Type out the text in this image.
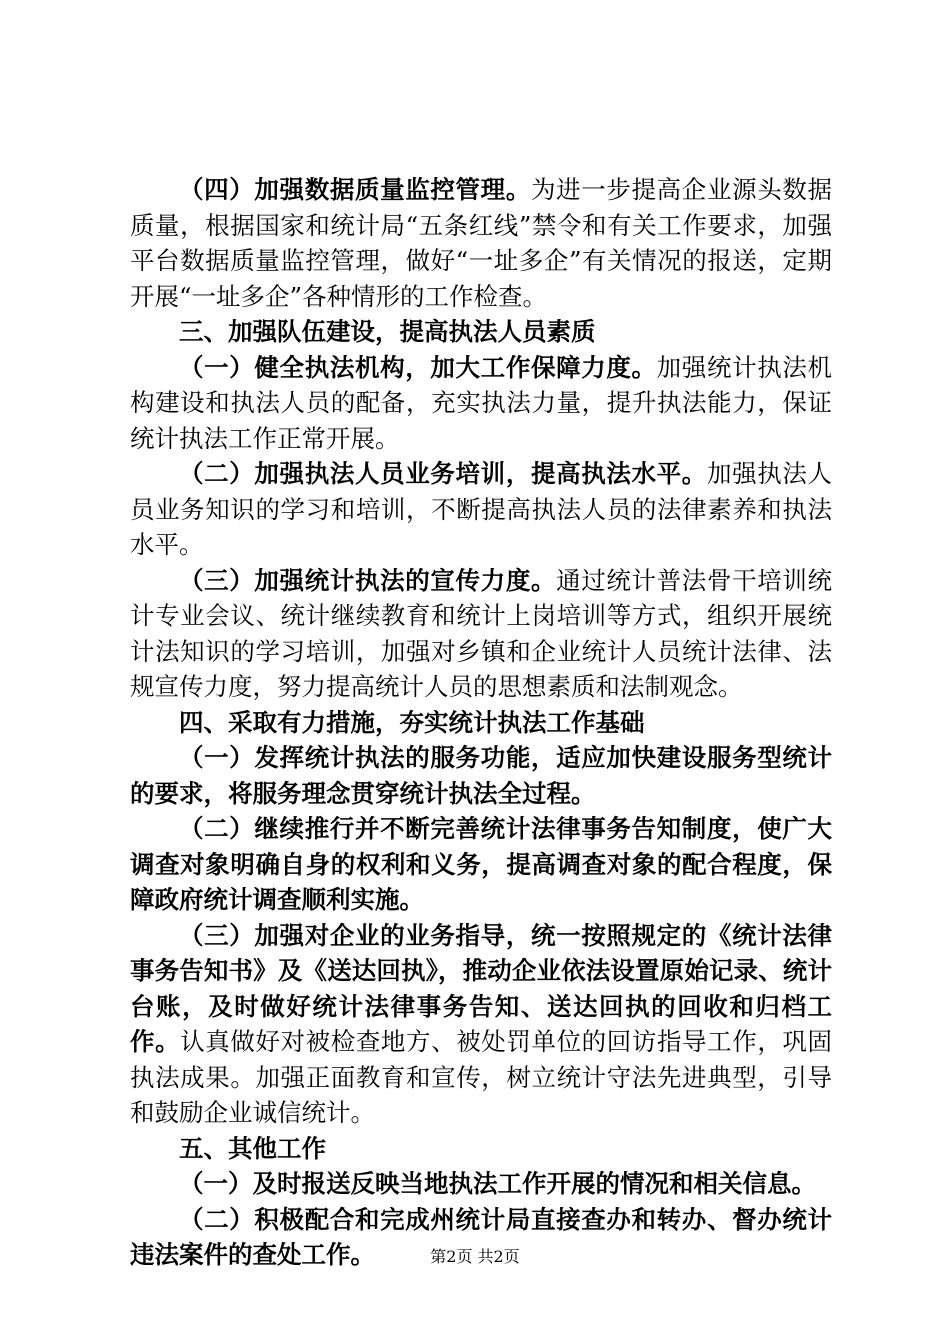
（四）加强数据质量监控管理。为进一步提高企业源头数据质量，根据国家和统计局“五条红线”禁令和有关工作要求，加强平台数据质量监控管理，做好“一址多企”有关情况的报送，定期开展“一址多企”各种情形的工作检查。

三、加强队伍建设，提高执法人员素质

（一）健全执法机构，加大工作保障力度。加强统计执法机构建设和执法人员的配备，充实执法力量，提升执法能力，保证统计执法工作正常开展。

（二）加强执法人员业务培训，提高执法水平。加强执法人员业务知识的学习和培训，不断提高执法人员的法律素养和执法水平。

（三）加强统计执法的宣传力度。通过统计普法骨干培训统计专业会议、统计继续教育和统计上岗培训等方式，组织开展统计法知识的学习培训，加强对乡镇和企业统计人员统计法律、法规宣传力度，努力提高统计人员的思想素质和法制观念。

四、采取有力措施，夯实统计执法工作基础

（一）发挥统计执法的服务功能，适应加快建设服务型统计的要求，将服务理念贯穿统计执法全过程。

（二）继续推行并不断完善统计法律事务告知制度，使广大调查对象明确自身的权利和义务，提高调查对象的配合程度，保障政府统计调查顺利实施。

（三）加强对企业的业务指导，统一按照规定的《统计法律事务告知书》及《送达回执》，推动企业依法设置原始记录、统计台账，及时做好统计法律事务告知、送达回执的回收和归档工作。认真做好对被检查地方、被处罚单位的回访指导工作，巩固执法成果。加强正面教育和宣传，树立统计守法先进典型，引导和鼓励企业诚信统计。

五、其他工作

（一）及时报送反映当地执法工作开展的情况和相关信息。

（二）积极配合和完成州统计局直接查办和转办、督办统计违法案件的查处工作。	第2页 共2页
